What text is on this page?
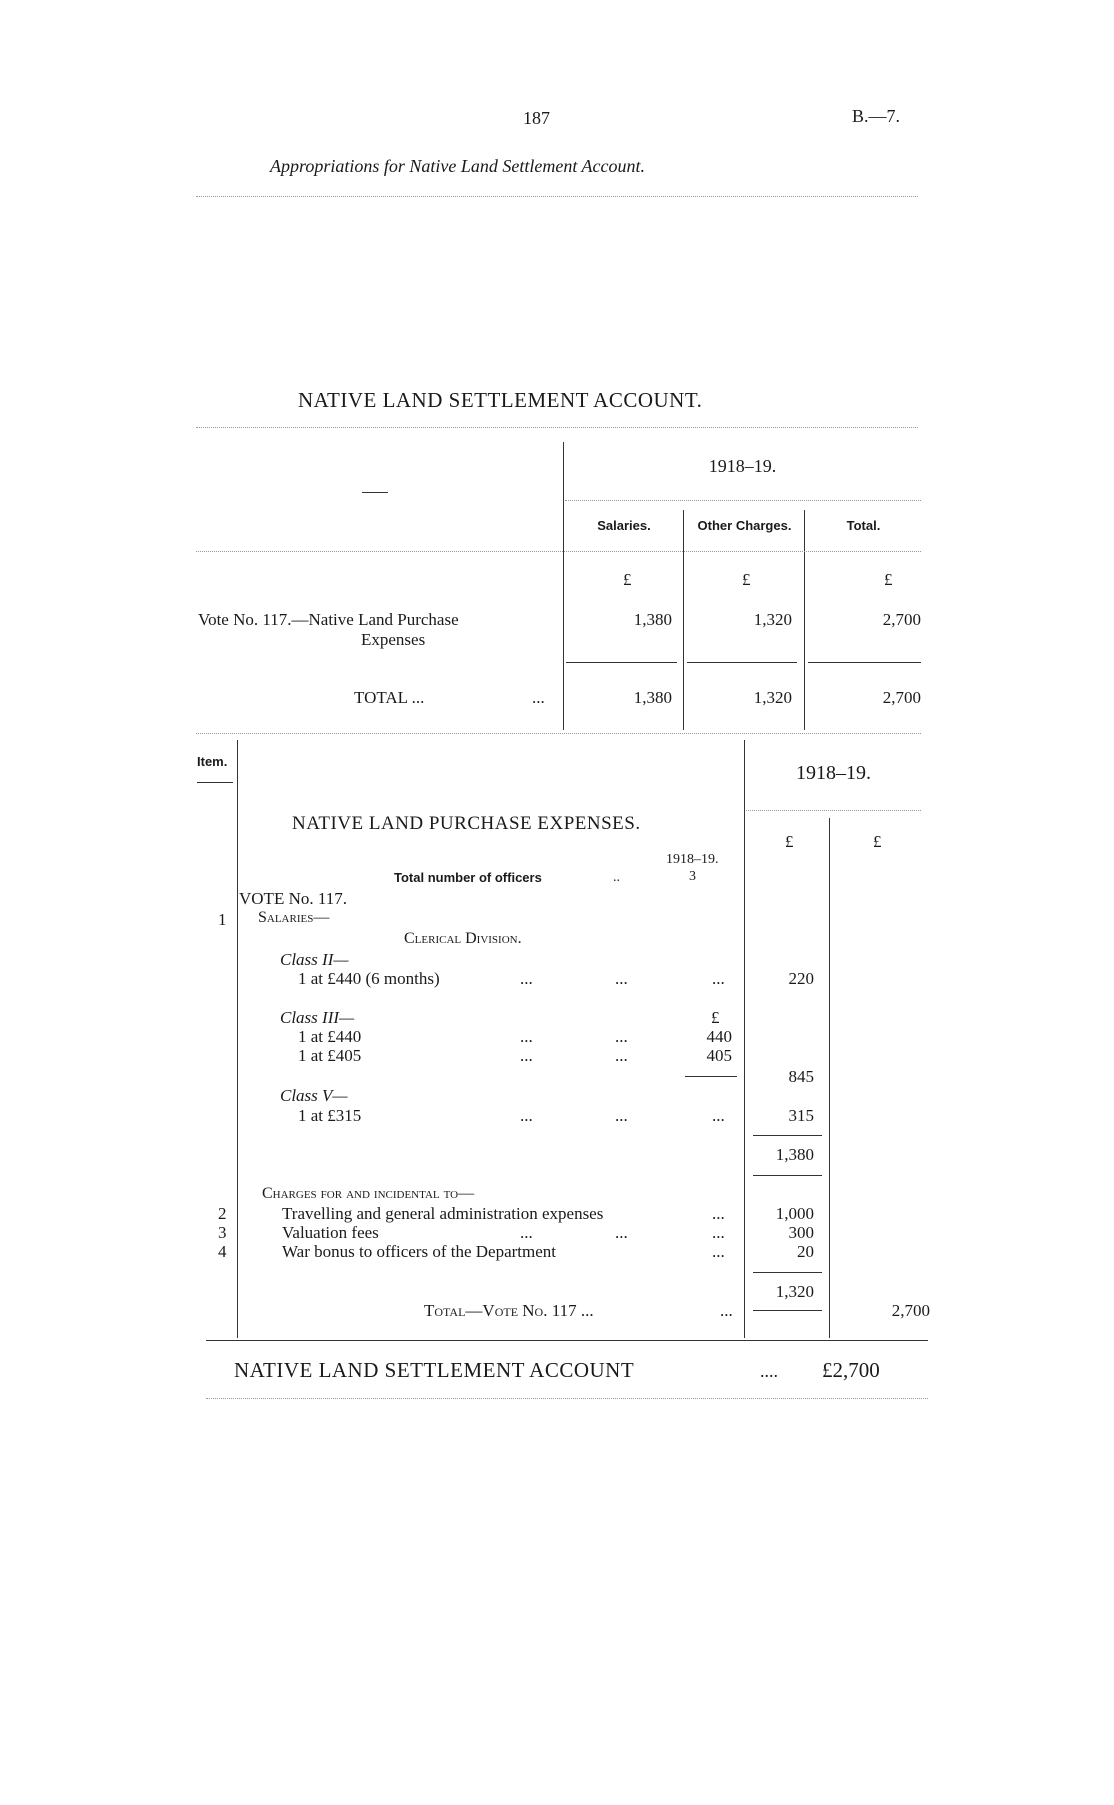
187	B.—7.
Appropriations for Native Land Settlement Account.
NATIVE LAND SETTLEMENT ACCOUNT.
1918–19.
Salaries.	Other Charges.	Total.
£	£	£
Vote No. 117.—Native Land Purchase
Expenses
1,380	1,320	2,700
TOTAL ...	...	1,380	1,320	2,700
Item.
1918–19.
£	£
NATIVE LAND PURCHASE EXPENSES.
1918–19.
Total number of officers	..	3
VOTE No. 117.
1 Salaries—
Clerical Division.
Class II—
1 at £440 (6 months)	...	...	...	220
Class III—	£
1 at £440	...	...	440
1 at £405	...	...	405
845
Class V—
1 at £315	...	...	...	315
1,380
Charges for and incidental to—
2	Travelling and general administration expenses	...	1,000
3	Valuation fees	...	...	...	300
4	War bonus to officers of the Department	...	20
1,320
Total—Vote No. 117 ...	...	2,700
NATIVE LAND SETTLEMENT ACCOUNT	.... £2,700
